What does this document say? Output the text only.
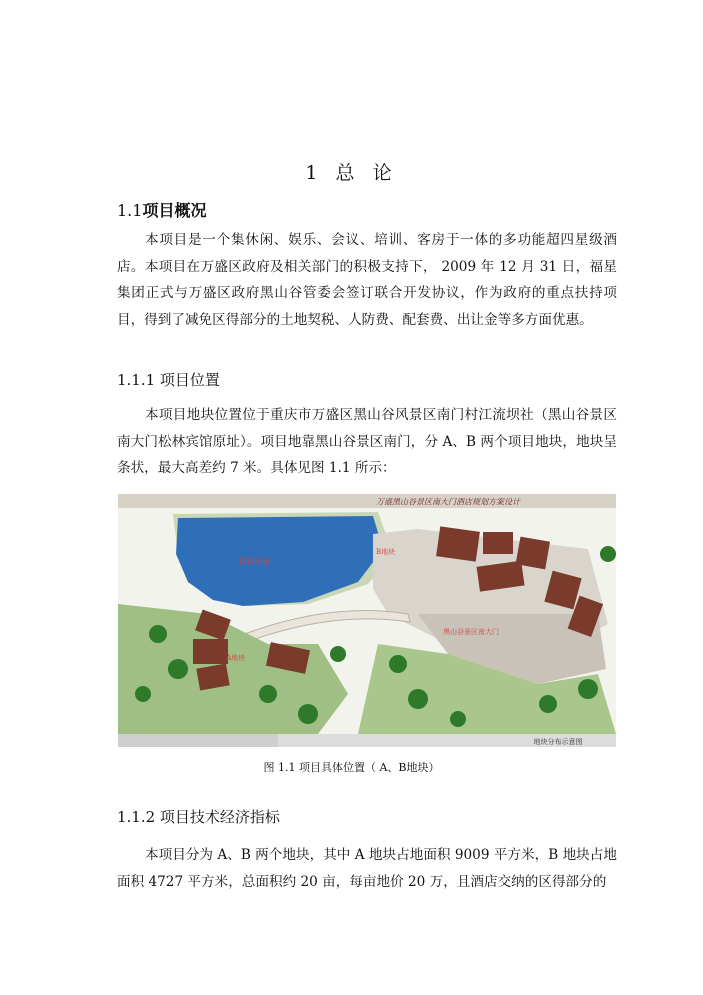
1 总 论
1.1项目概况

本项目是一个集休闲、娱乐、会议、培训、客房于一体的多功能超四星级酒店。本项目在万盛区政府及相关部门的积极支持下， 2009 年 12 月 31 日，福星集团正式与万盛区政府黑山谷管委会签订联合开发协议，作为政府的重点扶持项目，得到了减免区得部分的土地契税、人防费、配套费、出让金等多方面优惠。

1.1.1 项目位置

本项目地块位置位于重庆市万盛区黑山谷风景区南门村江流坝社（黑山谷景区南大门松林宾馆原址）。项目地靠黑山谷景区南门，分 A、B 两个项目地块，地块呈条状，最大高差约 7 米。具体见图 1.1 所示：

万盛黑山谷景区南大门酒店规划方案设计
景观水面
B地块
A地块
黑山谷景区南大门
地块分布示意图
图 1.1 项目具体位置（ A、B地块）
1.1.2 项目技术经济指标

本项目分为 A、B 两个地块，其中 A 地块占地面积 9009 平方米，B 地块占地面积 4727 平方米，总面积约 20 亩，每亩地价 20 万，且酒店交纳的区得部分的
